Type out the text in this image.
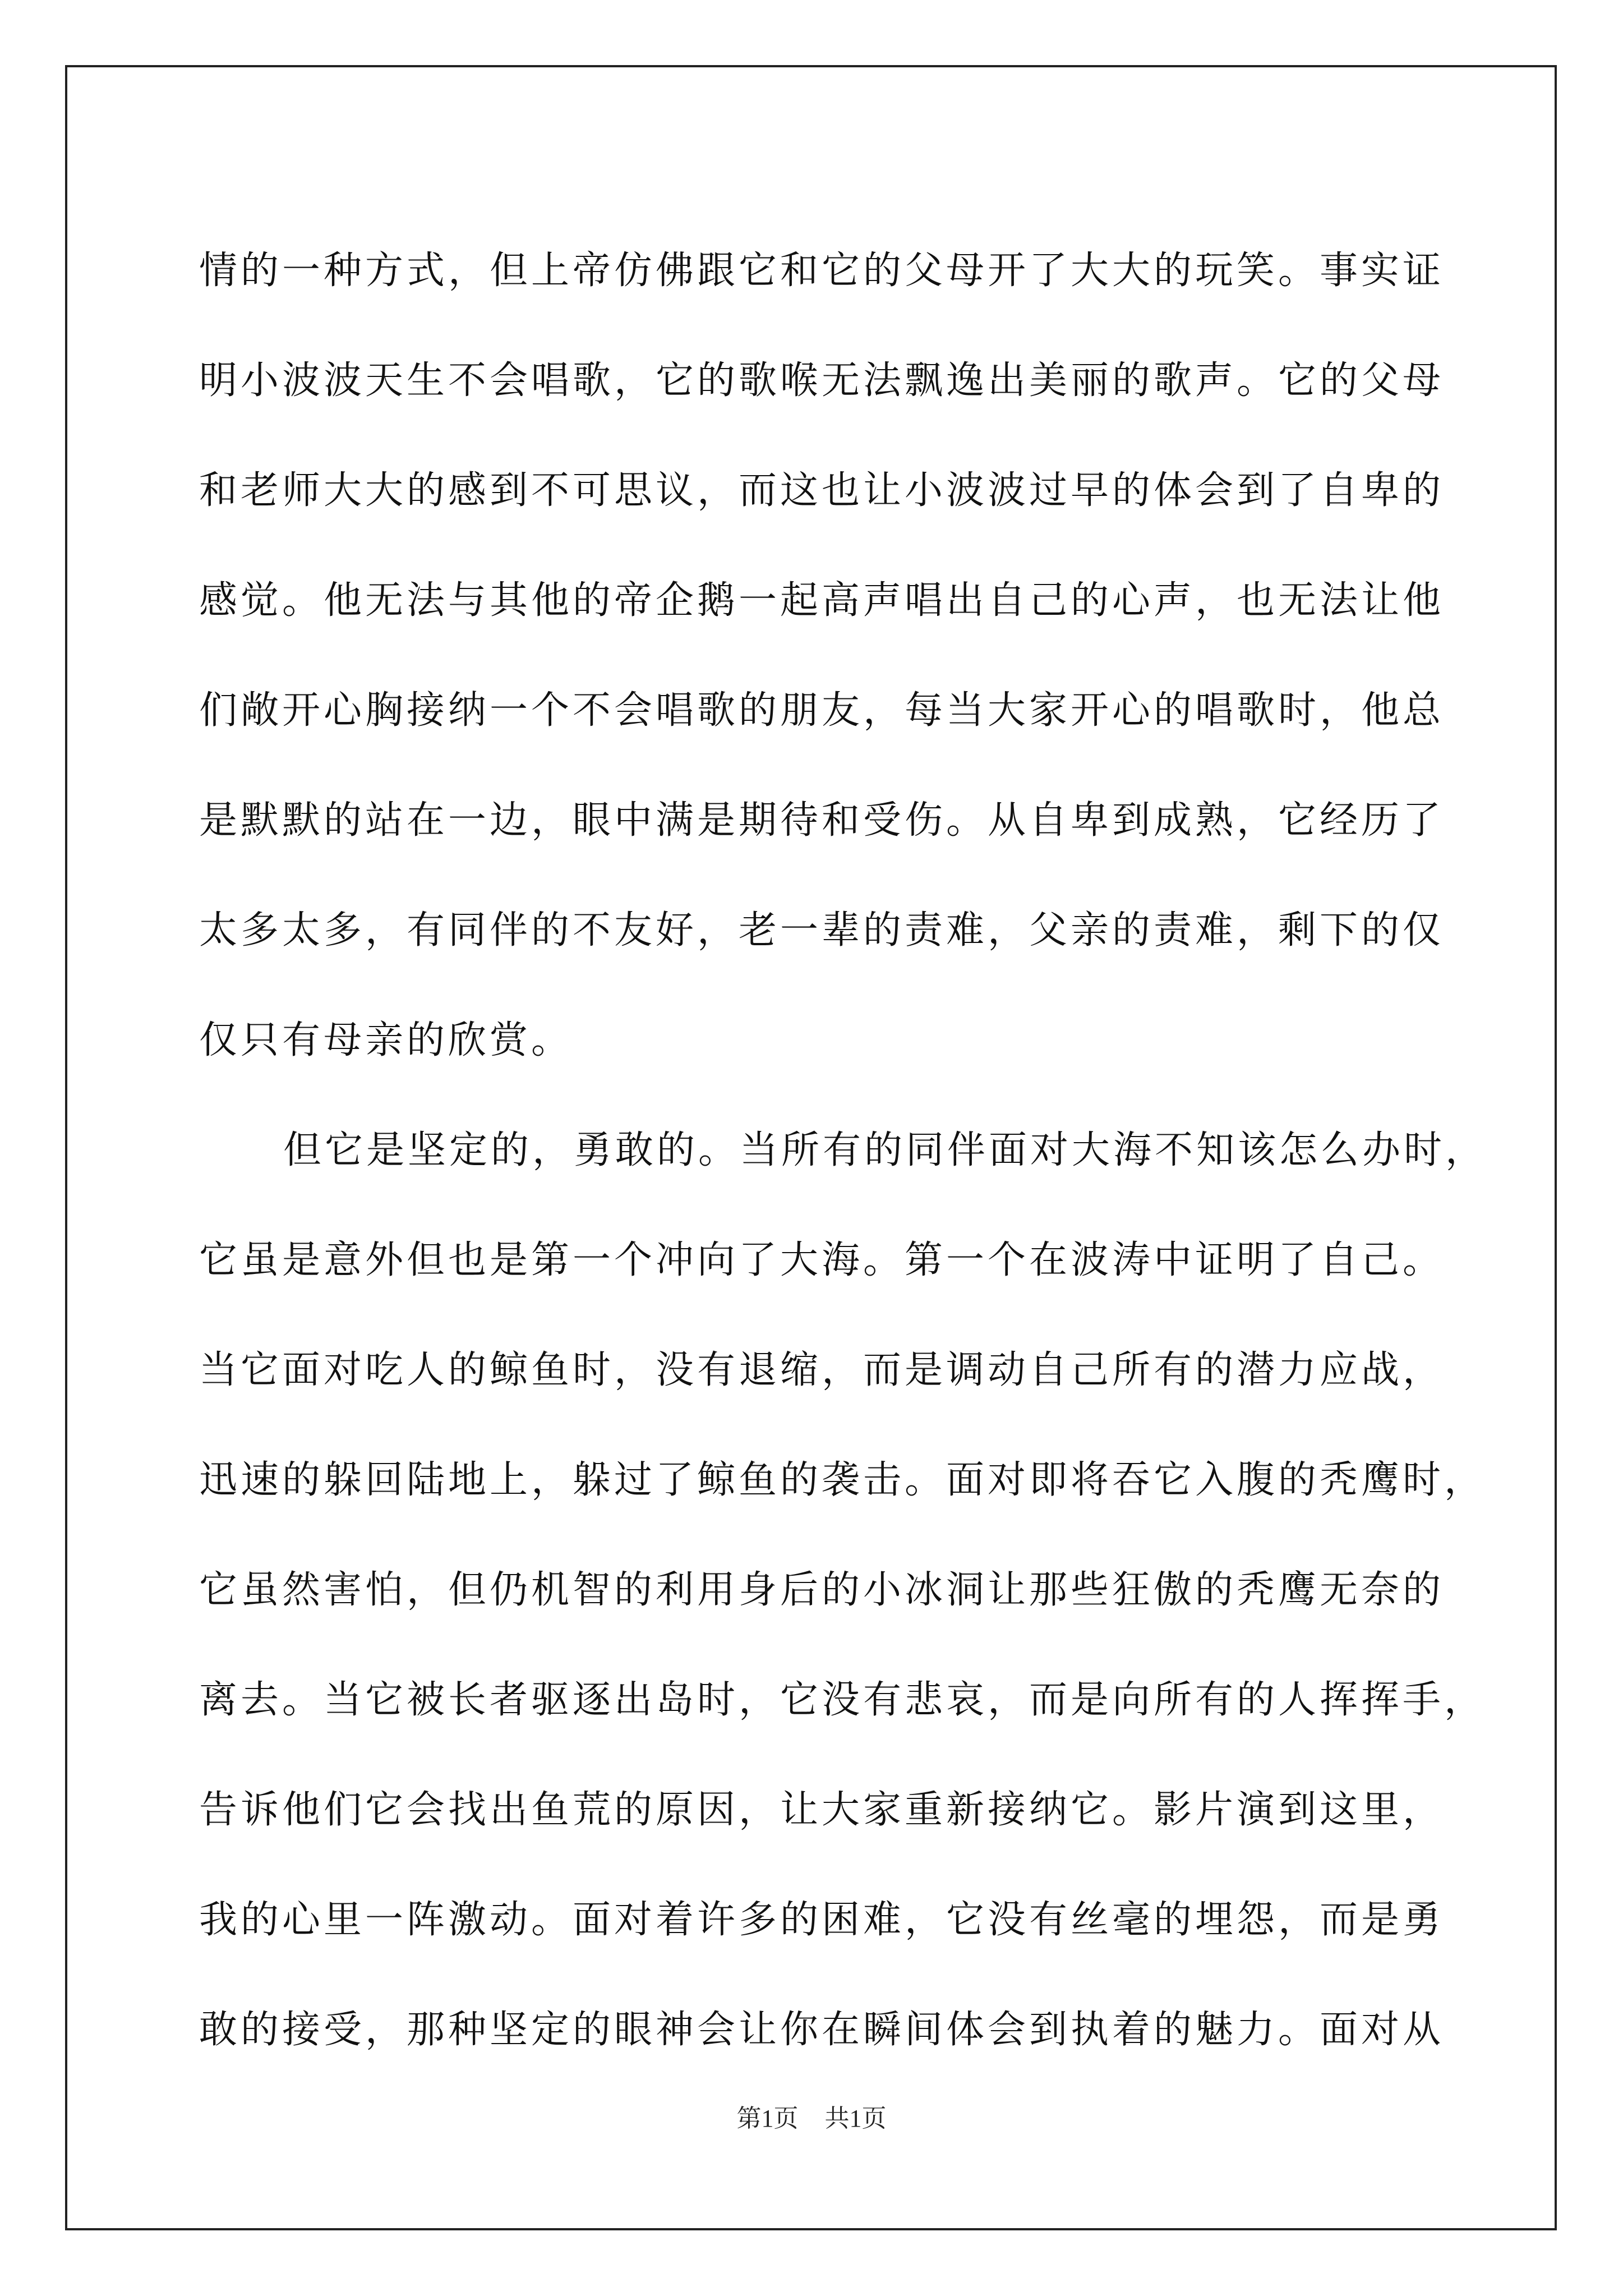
情的一种方式，但上帝仿佛跟它和它的父母开了大大的玩笑。事实证
明小波波天生不会唱歌，它的歌喉无法飘逸出美丽的歌声。它的父母
和老师大大的感到不可思议，而这也让小波波过早的体会到了自卑的
感觉。他无法与其他的帝企鹅一起高声唱出自己的心声，也无法让他
们敞开心胸接纳一个不会唱歌的朋友，每当大家开心的唱歌时，他总
是默默的站在一边，眼中满是期待和受伤。从自卑到成熟，它经历了
太多太多，有同伴的不友好，老一辈的责难，父亲的责难，剩下的仅
仅只有母亲的欣赏。
但它是坚定的，勇敢的。当所有的同伴面对大海不知该怎么办时，
它虽是意外但也是第一个冲向了大海。第一个在波涛中证明了自己。
当它面对吃人的鲸鱼时，没有退缩，而是调动自己所有的潜力应战，
迅速的躲回陆地上，躲过了鲸鱼的袭击。面对即将吞它入腹的秃鹰时，
它虽然害怕，但仍机智的利用身后的小冰洞让那些狂傲的秃鹰无奈的
离去。当它被长者驱逐出岛时，它没有悲哀，而是向所有的人挥挥手，
告诉他们它会找出鱼荒的原因，让大家重新接纳它。影片演到这里，
我的心里一阵激动。面对着许多的困难，它没有丝毫的埋怨，而是勇
敢的接受，那种坚定的眼神会让你在瞬间体会到执着的魅力。面对从
第1页 共1页
